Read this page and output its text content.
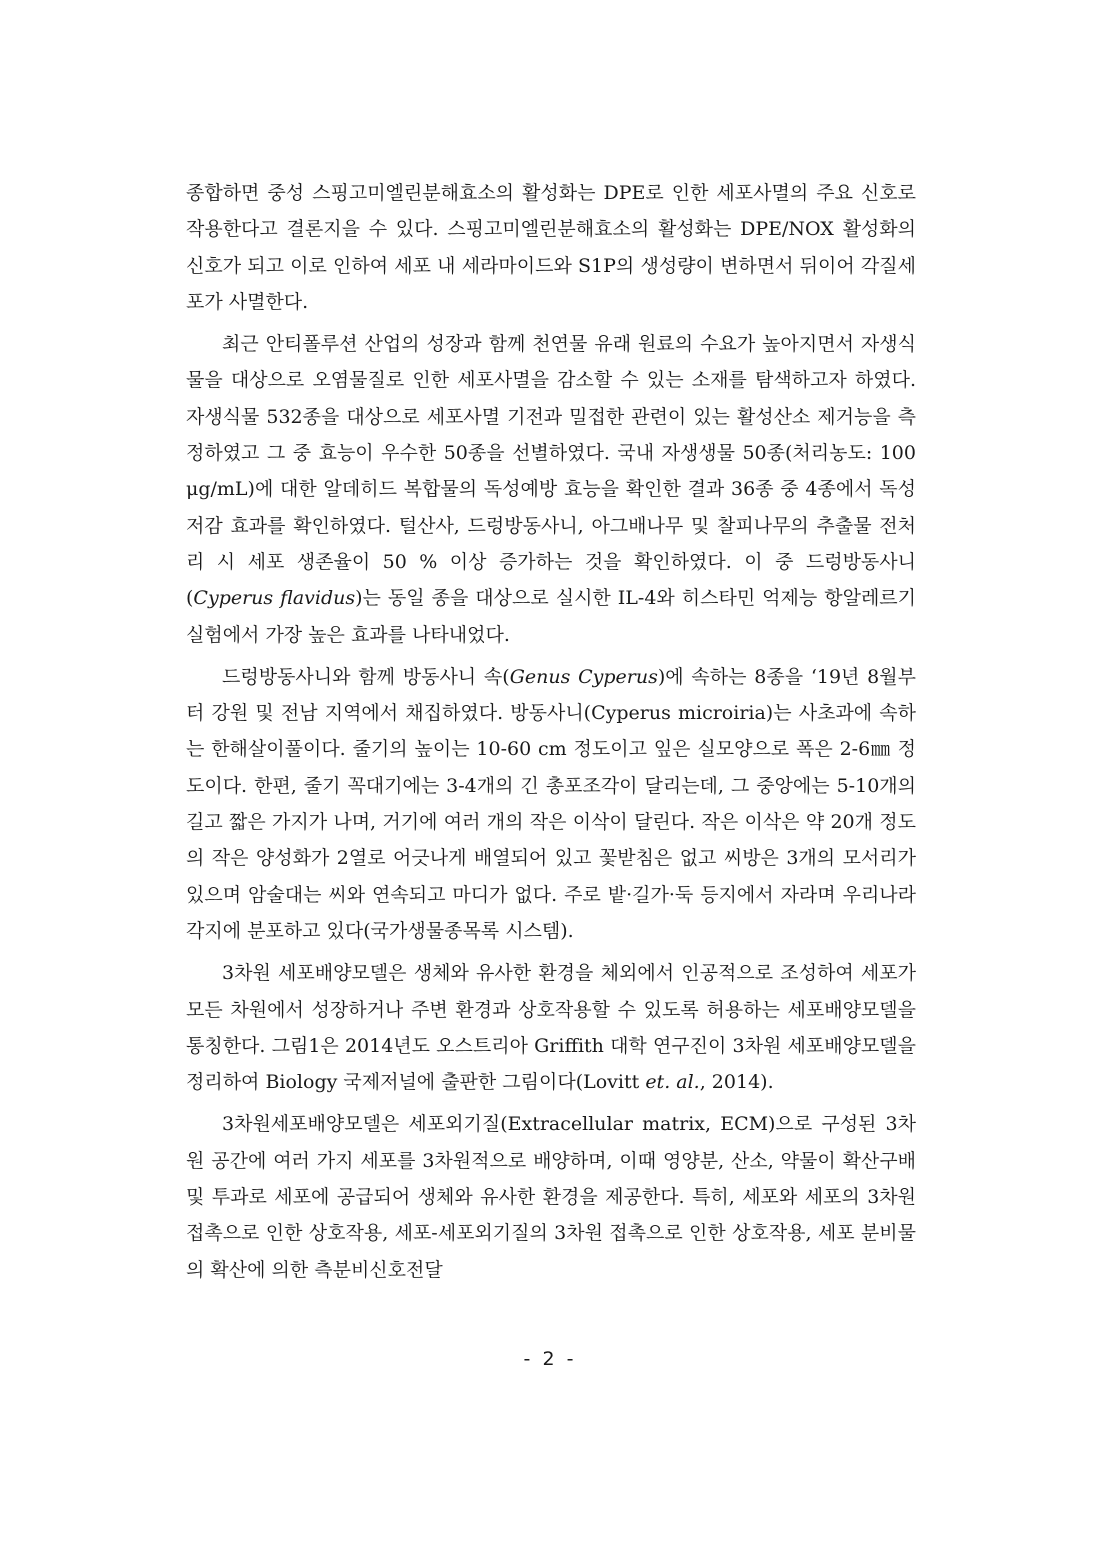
종합하면 중성 스핑고미엘린분해효소의 활성화는 DPE로 인한 세포사멸의 주요 신호로 작용한다고 결론지을 수 있다. 스핑고미엘린분해효소의 활성화는 DPE/NOX 활성화의 신호가 되고 이로 인하여 세포 내 세라마이드와 S1P의 생성량이 변하면서 뒤이어 각질세포가 사멸한다.

최근 안티폴루션 산업의 성장과 함께 천연물 유래 원료의 수요가 높아지면서 자생식물을 대상으로 오염물질로 인한 세포사멸을 감소할 수 있는 소재를 탐색하고자 하였다. 자생식물 532종을 대상으로 세포사멸 기전과 밀접한 관련이 있는 활성산소 제거능을 측정하였고 그 중 효능이 우수한 50종을 선별하였다. 국내 자생생물 50종(처리농도: 100 μg/mL)에 대한 알데히드 복합물의 독성예방 효능을 확인한 결과 36종 중 4종에서 독성 저감 효과를 확인하였다. 털산사, 드렁방동사니, 아그배나무 및 찰피나무의 추출물 전처리 시 세포 생존율이 50 % 이상 증가하는 것을 확인하였다. 이 중 드렁방동사니(Cyperus flavidus)는 동일 종을 대상으로 실시한 IL-4와 히스타민 억제능 항알레르기 실험에서 가장 높은 효과를 나타내었다.

드렁방동사니와 함께 방동사니 속(Genus Cyperus)에 속하는 8종을 ‘19년 8월부터 강원 및 전남 지역에서 채집하였다. 방동사니(Cyperus microiria)는 사초과에 속하는 한해살이풀이다. 줄기의 높이는 10-60 cm 정도이고 잎은 실모양으로 폭은 2-6㎜ 정도이다. 한편, 줄기 꼭대기에는 3-4개의 긴 총포조각이 달리는데, 그 중앙에는 5-10개의 길고 짧은 가지가 나며, 거기에 여러 개의 작은 이삭이 달린다. 작은 이삭은 약 20개 정도의 작은 양성화가 2열로 어긋나게 배열되어 있고 꽃받침은 없고 씨방은 3개의 모서리가 있으며 암술대는 씨와 연속되고 마디가 없다. 주로 밭·길가·둑 등지에서 자라며 우리나라 각지에 분포하고 있다(국가생물종목록 시스템).

3차원 세포배양모델은 생체와 유사한 환경을 체외에서 인공적으로 조성하여 세포가 모든 차원에서 성장하거나 주변 환경과 상호작용할 수 있도록 허용하는 세포배양모델을 통칭한다. 그림1은 2014년도 오스트리아 Griffith 대학 연구진이 3차원 세포배양모델을 정리하여 Biology 국제저널에 출판한 그림이다(Lovitt et. al., 2014).

3차원세포배양모델은 세포외기질(Extracellular matrix, ECM)으로 구성된 3차원 공간에 여러 가지 세포를 3차원적으로 배양하며, 이때 영양분, 산소, 약물이 확산구배 및 투과로 세포에 공급되어 생체와 유사한 환경을 제공한다. 특히, 세포와 세포의 3차원 접촉으로 인한 상호작용, 세포-세포외기질의 3차원 접촉으로 인한 상호작용, 세포 분비물의 확산에 의한 측분비신호전달

- 2 -
